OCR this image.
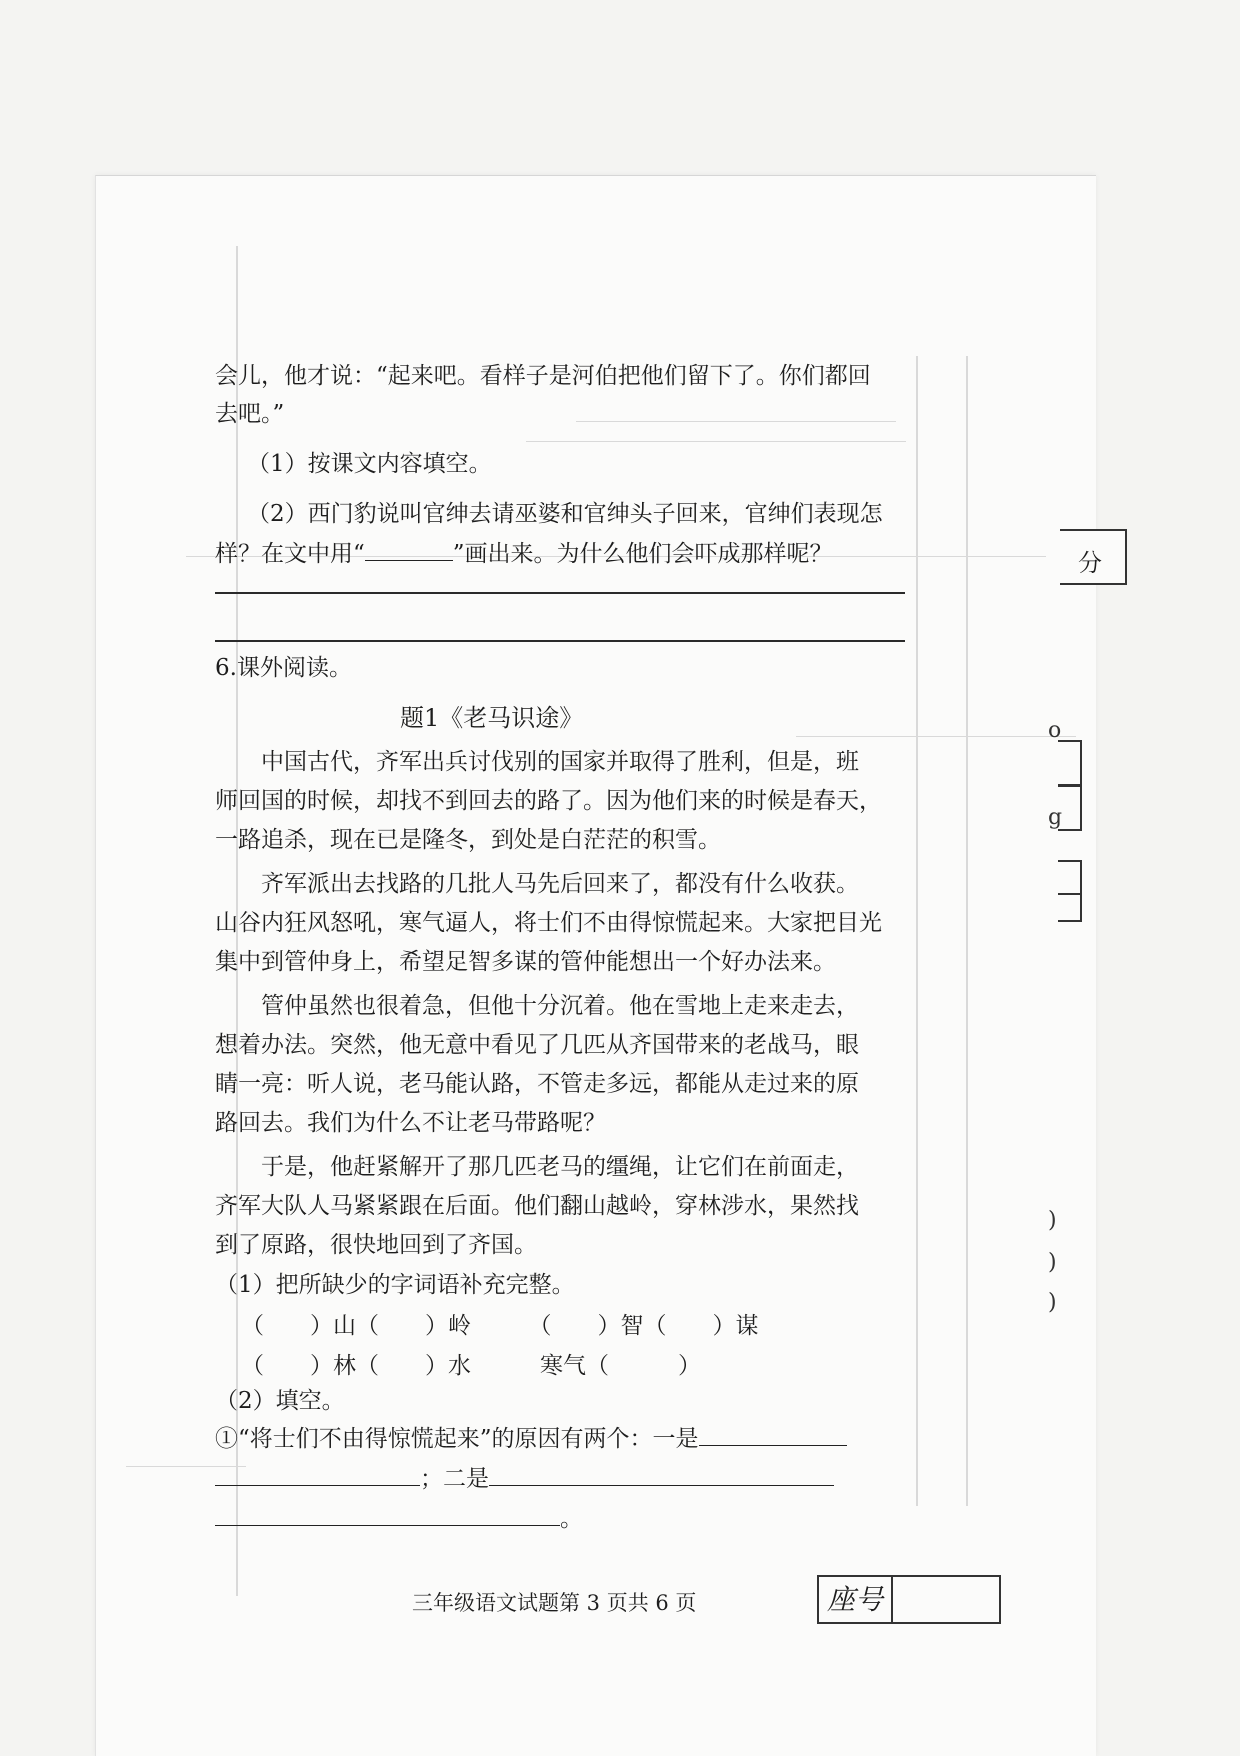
会儿，他才说：“起来吧。看样子是河伯把他们留下了。你们都回
去吧。”
（1）按课文内容填空。
（2）西门豹说叫官绅去请巫婆和官绅头子回来，官绅们表现怎
样？在文中用“	”画出来。为什么他们会吓成那样呢？
6.课外阅读。
题1《老马识途》
中国古代，齐军出兵讨伐别的国家并取得了胜利，但是，班
师回国的时候，却找不到回去的路了。因为他们来的时候是春天，
一路追杀，现在已是隆冬，到处是白茫茫的积雪。
齐军派出去找路的几批人马先后回来了，都没有什么收获。
山谷内狂风怒吼，寒气逼人，将士们不由得惊慌起来。大家把目光
集中到管仲身上，希望足智多谋的管仲能想出一个好办法来。
管仲虽然也很着急，但他十分沉着。他在雪地上走来走去，
想着办法。突然，他无意中看见了几匹从齐国带来的老战马，眼
睛一亮：听人说，老马能认路，不管走多远，都能从走过来的原
路回去。我们为什么不让老马带路呢？
于是，他赶紧解开了那几匹老马的缰绳，让它们在前面走，
齐军大队人马紧紧跟在后面。他们翻山越岭，穿林涉水，果然找
到了原路，很快地回到了齐国。
（1）把所缺少的字词语补充完整。
（　　）山（　　）岭　　　（　　）智（　　）谋
（　　）林（　　）水　　　寒气（　　　）
（2）填空。
①“将士们不由得惊慌起来”的原因有两个：一是
；二是
。
分
o
g
)
)
)
三年级语文试题第 3 页共 6 页	座号
